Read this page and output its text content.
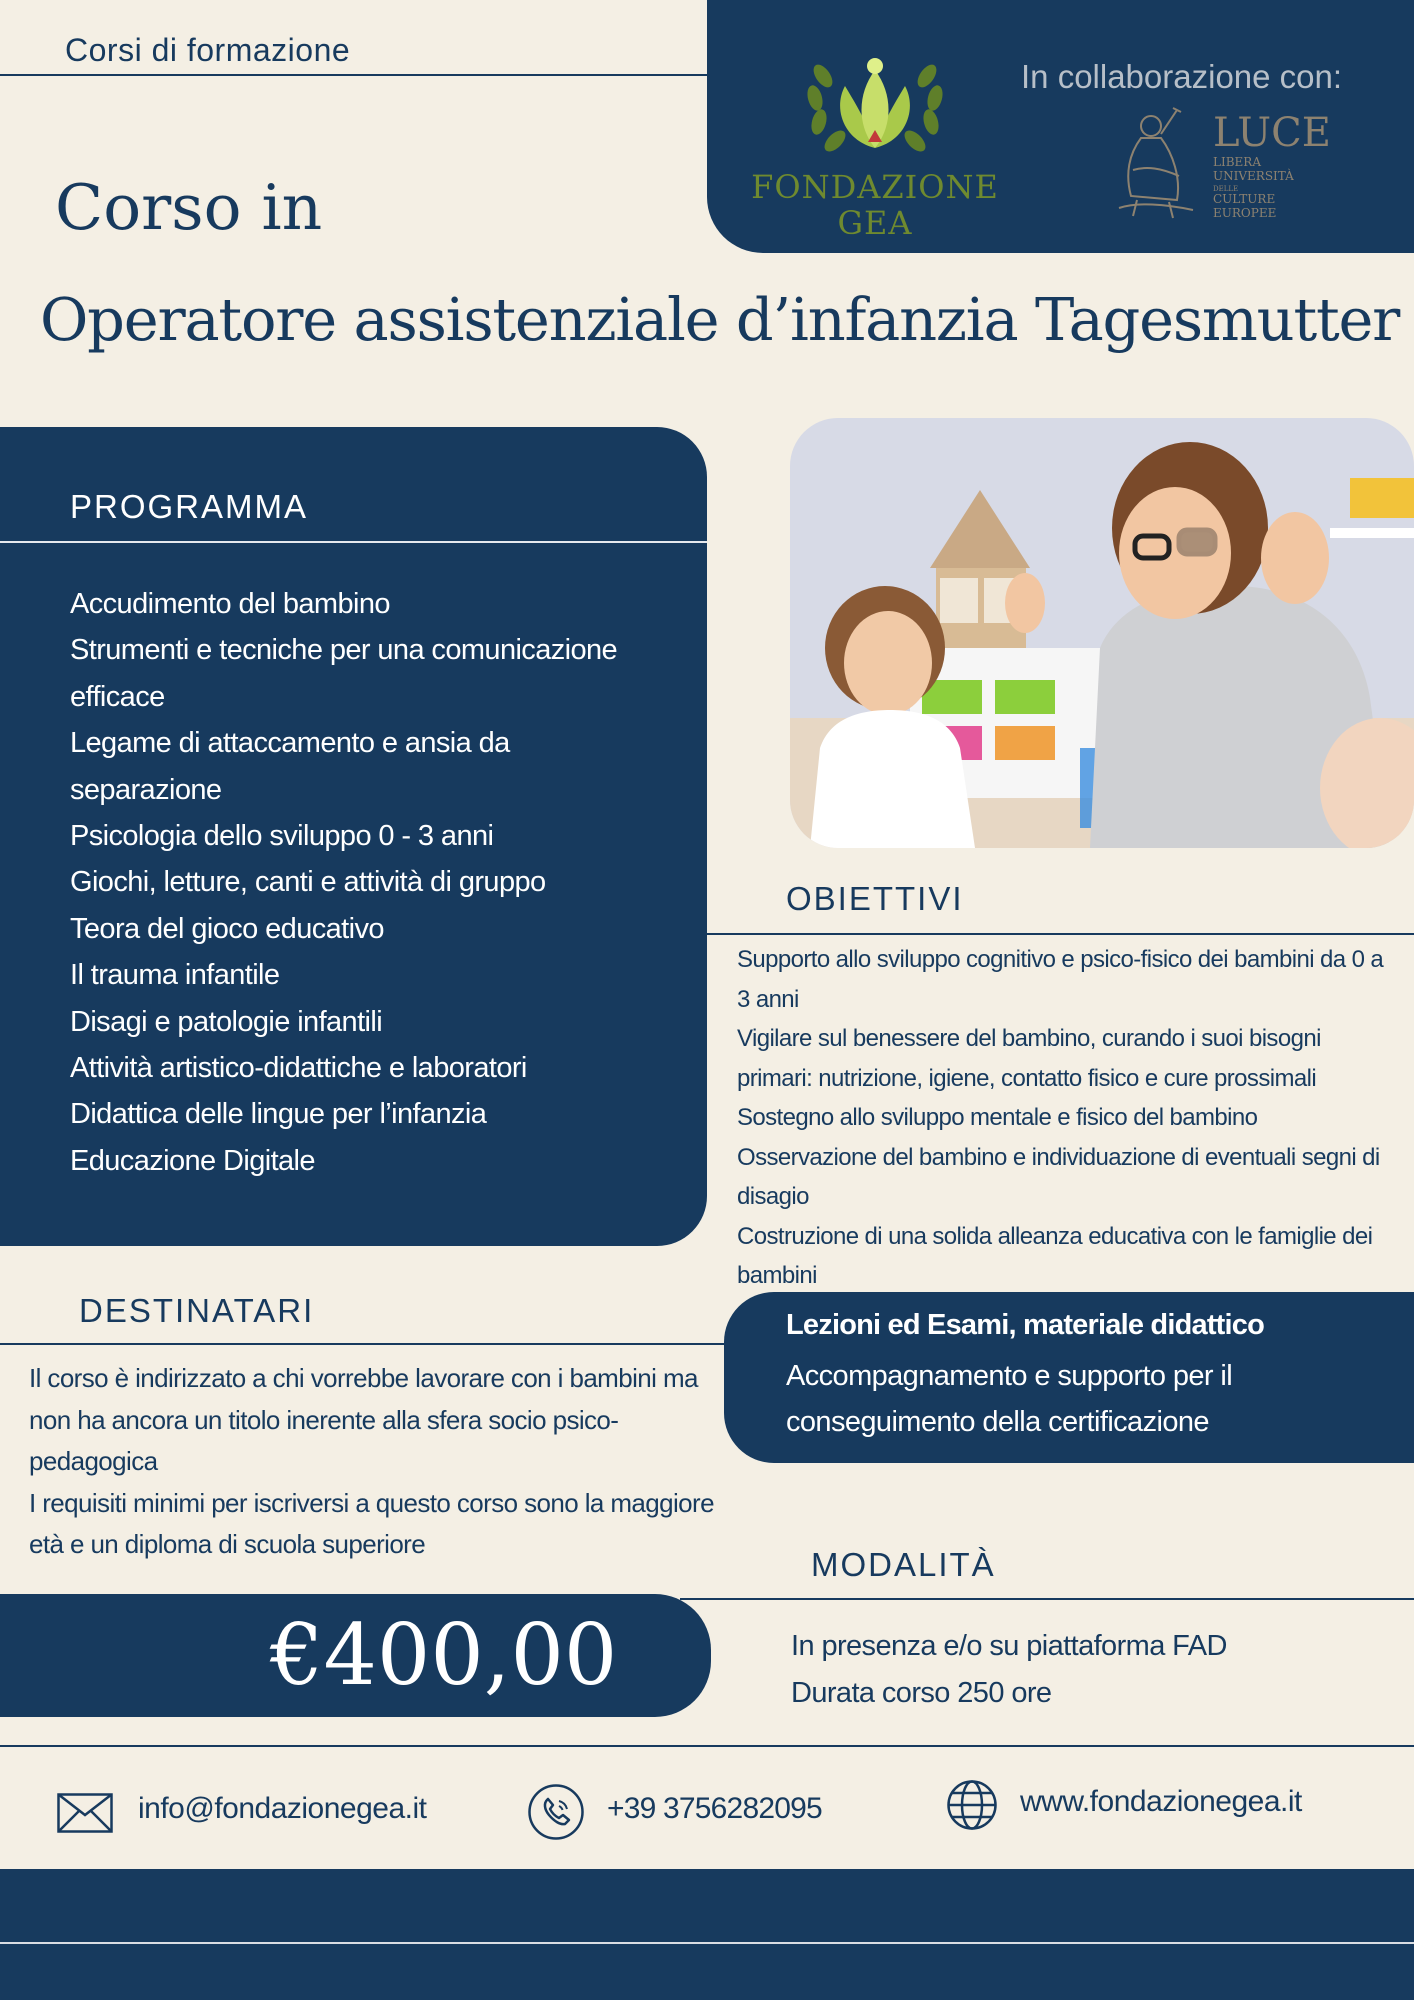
Corsi di formazione
FONDAZIONE
GEA
In collaborazione con:
LUCE
LIBERA
UNIVERSITÀ
DELLE
CULTURE
EUROPEE
Corso in
Operatore assistenziale d’infanzia Tagesmutter
PROGRAMMA
Accudimento del bambino
Strumenti e tecniche per una comunicazione efficace
Legame di attaccamento e ansia da separazione
Psicologia dello sviluppo 0 - 3 anni
Giochi, letture, canti e attività di gruppo
Teora del gioco educativo
Il trauma infantile
Disagi e patologie infantili
Attività artistico-didattiche e laboratori
Didattica delle lingue per l’infanzia
Educazione Digitale
OBIETTIVI
Supporto allo sviluppo cognitivo e psico-fisico dei bambini da 0 a 3 anni
Vigilare sul benessere del bambino, curando i suoi bisogni primari: nutrizione, igiene, contatto fisico e cure prossimali
Sostegno allo sviluppo mentale e fisico del bambino
Osservazione del bambino e individuazione di eventuali segni di disagio
Costruzione di una solida alleanza educativa con le famiglie dei bambini
Lezioni ed Esami, materiale didattico
Accompagnamento e supporto per il conseguimento della certificazione
DESTINATARI
Il corso è indirizzato a chi vorrebbe lavorare con i bambini ma non ha ancora un titolo inerente alla sfera socio psico-pedagogica
I requisiti minimi per iscriversi a questo corso sono la maggiore età e un diploma di scuola superiore
MODALITÀ
In presenza e/o su piattaforma FAD
Durata corso 250 ore
€400,00
info@fondazionegea.it	+39 3756282095	www.fondazionegea.it
